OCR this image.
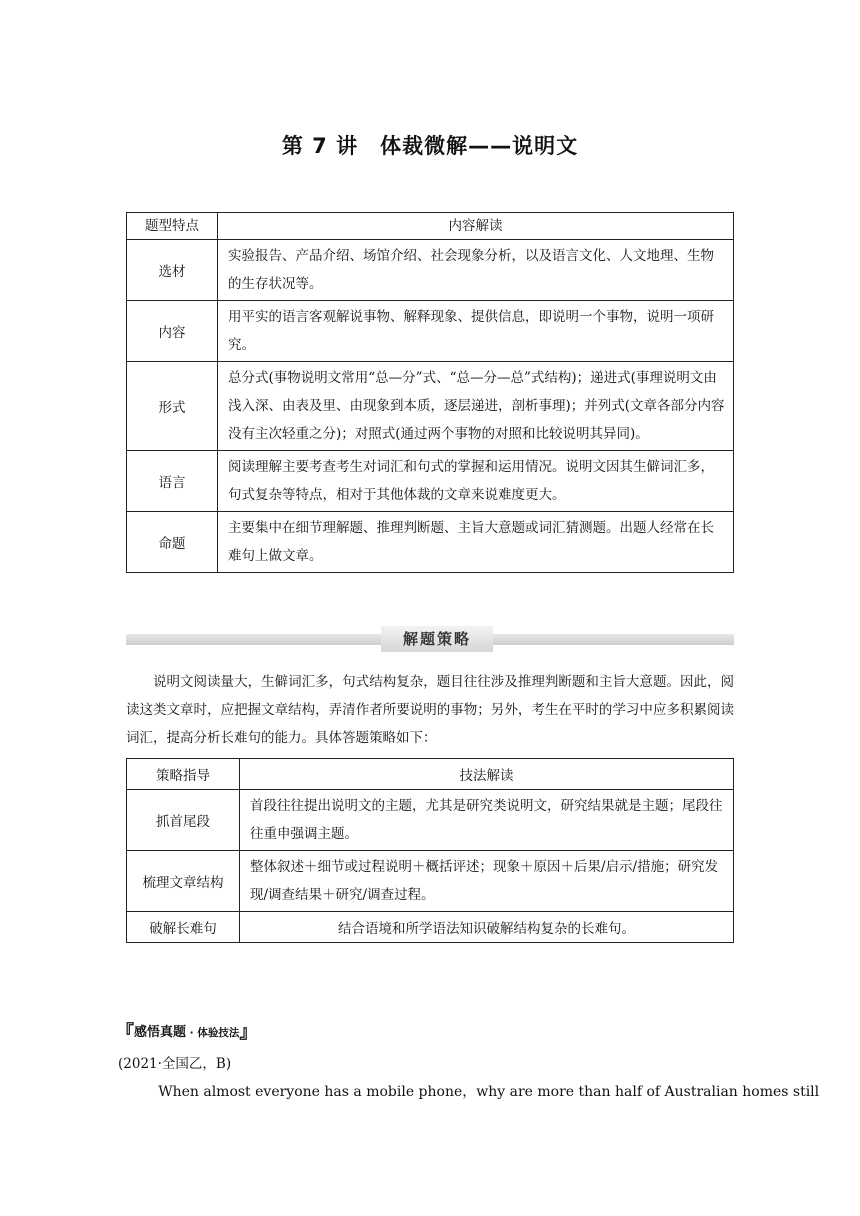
第 7 讲　体裁微解——说明文
题型特点	内容解读
选材	实验报告、产品介绍、场馆介绍、社会现象分析，以及语言文化、人文地理、生物的生存状况等。
内容	用平实的语言客观解说事物、解释现象、提供信息，即说明一个事物，说明一项研究。
形式	总分式(事物说明文常用“总—分”式、“总—分—总”式结构)；递进式(事理说明文由浅入深、由表及里、由现象到本质，逐层递进，剖析事理)；并列式(文章各部分内容没有主次轻重之分)；对照式(通过两个事物的对照和比较说明其异同)。
语言	阅读理解主要考查考生对词汇和句式的掌握和运用情况。说明文因其生僻词汇多，句式复杂等特点，相对于其他体裁的文章来说难度更大。
命题	主要集中在细节理解题、推理判断题、主旨大意题或词汇猜测题。出题人经常在长难句上做文章。
解题策略
说明文阅读量大，生僻词汇多，句式结构复杂，题目往往涉及推理判断题和主旨大意题。因此，阅读这类文章时，应把握文章结构，弄清作者所要说明的事物；另外，考生在平时的学习中应多积累阅读词汇，提高分析长难句的能力。具体答题策略如下：
策略指导	技法解读
抓首尾段	首段往往提出说明文的主题，尤其是研究类说明文，研究结果就是主题；尾段往往重申强调主题。
梳理文章结构	整体叙述＋细节或过程说明＋概括评述；现象＋原因＋后果/启示/措施；研究发现/调查结果＋研究/调查过程。
破解长难句	结合语境和所学语法知识破解结构复杂的长难句。
『感悟真题 · 体验技法』
(2021·全国乙，B)
When almost everyone has a mobile phone，why are more than half of Australian homes still
